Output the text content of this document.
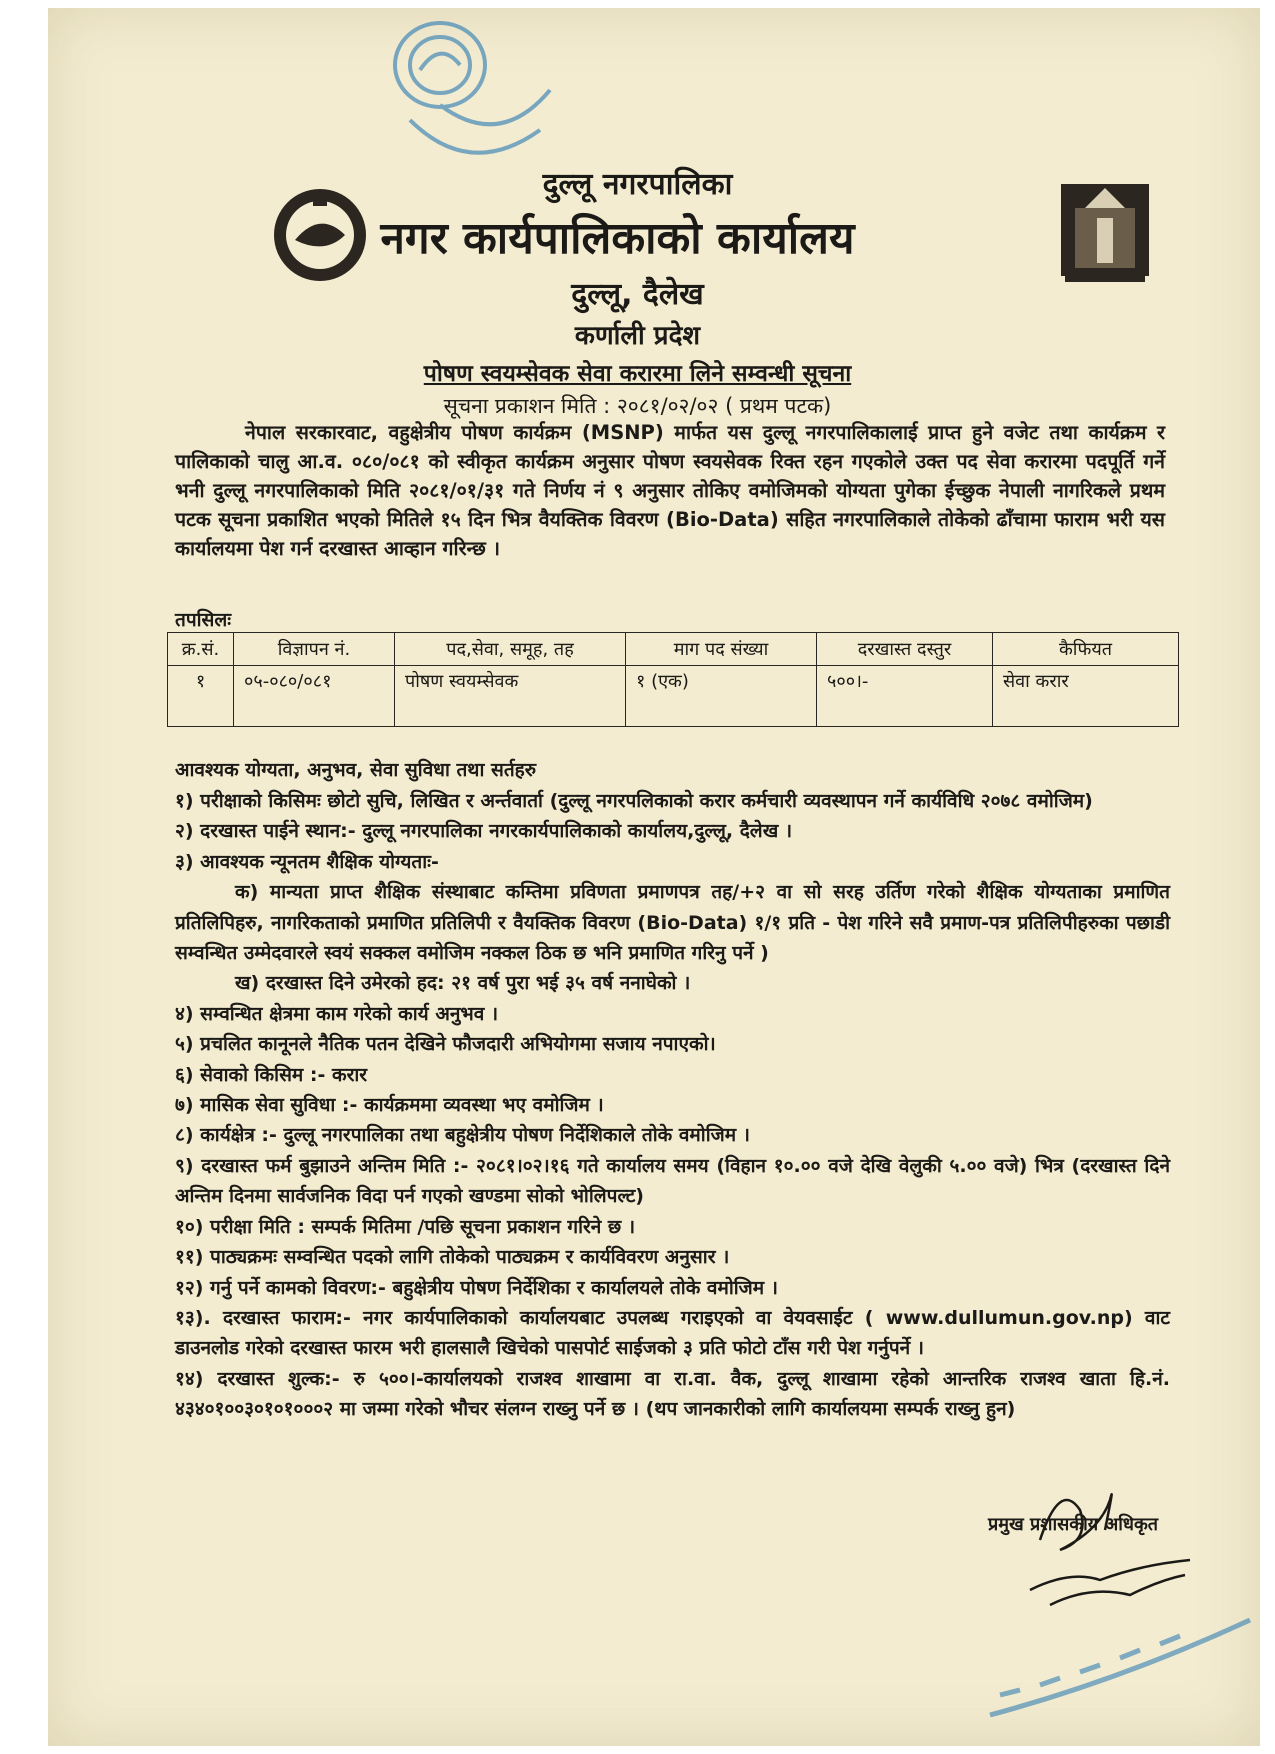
दुल्लू नगरपालिका
नगर कार्यपालिकाको कार्यालय
दुल्लू, दैलेख
कर्णाली प्रदेश
पोषण स्वयम्सेवक सेवा करारमा लिने सम्वन्धी सूचना
सूचना प्रकाशन मिति : २०८१/०२/०२ ( प्रथम पटक)
नेपाल सरकारवाट, वहुक्षेत्रीय पोषण कार्यक्रम (MSNP) मार्फत यस दुल्लू नगरपालिकालाई प्राप्त हुने वजेट तथा कार्यक्रम र पालिकाको चालु आ.व. ०८०/०८१ को स्वीकृत कार्यक्रम अनुसार पोषण स्वयसेवक रिक्त रहन गएकोले उक्त पद सेवा करारमा पदपूर्ति गर्ने भनी दुल्लू नगरपालिकाको मिति २०८१/०१/३१ गते निर्णय नं ९ अनुसार तोकिए वमोजिमको योग्यता पुगेका ईच्छुक नेपाली नागरिकले प्रथम पटक सूचना प्रकाशित भएको मितिले १५ दिन भित्र वैयक्तिक विवरण (Bio-Data) सहित नगरपालिकाले तोकेको ढाँचामा फाराम भरी यस कार्यालयमा पेश गर्न दरखास्त आव्हान गरिन्छ ।
तपसिलः
क्र.सं.	विज्ञापन नं.	पद,सेवा, समूह, तह	माग पद संख्या	दरखास्त दस्तुर	कैफियत
१	०५-०८०/०८१	पोषण स्वयम्सेवक	१ (एक)	५००।-	सेवा करार
आवश्यक योग्यता, अनुभव, सेवा सुविधा तथा सर्तहरु

१) परीक्षाको किसिमः छोटो सुचि, लिखित र अर्न्तवार्ता (दुल्लू नगरपलिकाको करार कर्मचारी व्यवस्थापन गर्ने कार्यविधि २०७८ वमोजिम)

२) दरखास्त पाईने स्थान:- दुल्लू नगरपालिका नगरकार्यपालिकाको कार्यालय,दुल्लू, दैलेख ।

३) आवश्यक न्यूनतम शैक्षिक योग्यताः-

क) मान्यता प्राप्त शैक्षिक संस्थाबाट कम्तिमा प्रविणता प्रमाणपत्र तह/+२ वा सो सरह उर्तिण गरेको शैक्षिक योग्यताका प्रमाणित प्रतिलिपिहरु, नागरिकताको प्रमाणित प्रतिलिपी र वैयक्तिक विवरण (Bio-Data) १/१ प्रति - पेश गरिने सवै प्रमाण-पत्र प्रतिलिपीहरुका पछाडी सम्वन्धित उम्मेदवारले स्वयं सक्कल वमोजिम नक्कल ठिक छ भनि प्रमाणित गरिनु पर्ने )

ख) दरखास्त दिने उमेरको हद: २१ वर्ष पुरा भई ३५ वर्ष ननाघेको ।

४) सम्वन्धित क्षेत्रमा काम गरेको कार्य अनुभव ।

५) प्रचलित कानूनले नैतिक पतन देखिने फौजदारी अभियोगमा सजाय नपाएको।

६) सेवाको किसिम :- करार

७) मासिक सेवा सुविधा :- कार्यक्रममा व्यवस्था भए वमोजिम ।

८) कार्यक्षेत्र :- दुल्लू नगरपालिका तथा बहुक्षेत्रीय पोषण निर्देशिकाले तोके वमोजिम ।

९) दरखास्त फर्म बुझाउने अन्तिम मिति :- २०८१।०२।१६ गते कार्यालय समय (विहान १०.०० वजे देखि वेलुकी ५.०० वजे) भित्र (दरखास्त दिने अन्तिम दिनमा सार्वजनिक विदा पर्न गएको खण्डमा सोको भोलिपल्ट)

१०) परीक्षा मिति : सम्पर्क मितिमा /पछि सूचना प्रकाशन गरिने छ ।

११) पाठ्यक्रमः सम्वन्धित पदको लागि तोकेको पाठ्यक्रम र कार्यविवरण अनुसार ।

१२) गर्नु पर्ने कामको विवरण:- बहुक्षेत्रीय पोषण निर्देशिका र कार्यालयले तोके वमोजिम ।

१३). दरखास्त फाराम:- नगर कार्यपालिकाको कार्यालयबाट उपलब्ध गराइएको वा वेयवसाईट ( www.dullumun.gov.np) वाट डाउनलोड गरेको दरखास्त फारम भरी हालसालै खिचेको पासपोर्ट साईजको ३ प्रति फोटो टाँस गरी पेश गर्नुपर्ने ।

१४) दरखास्त शुल्क:- रु ५००।-कार्यालयको राजश्व शाखामा वा रा.वा. वैक, दुल्लू शाखामा रहेको आन्तरिक राजश्व खाता हि.नं. ४३४०१००३०१०१०००२ मा जम्मा गरेको भौचर संलग्न राख्नु पर्ने छ । (थप जानकारीको लागि कार्यालयमा सम्पर्क राख्नु हुन)

प्रमुख प्रशासकीय अधिकृत
